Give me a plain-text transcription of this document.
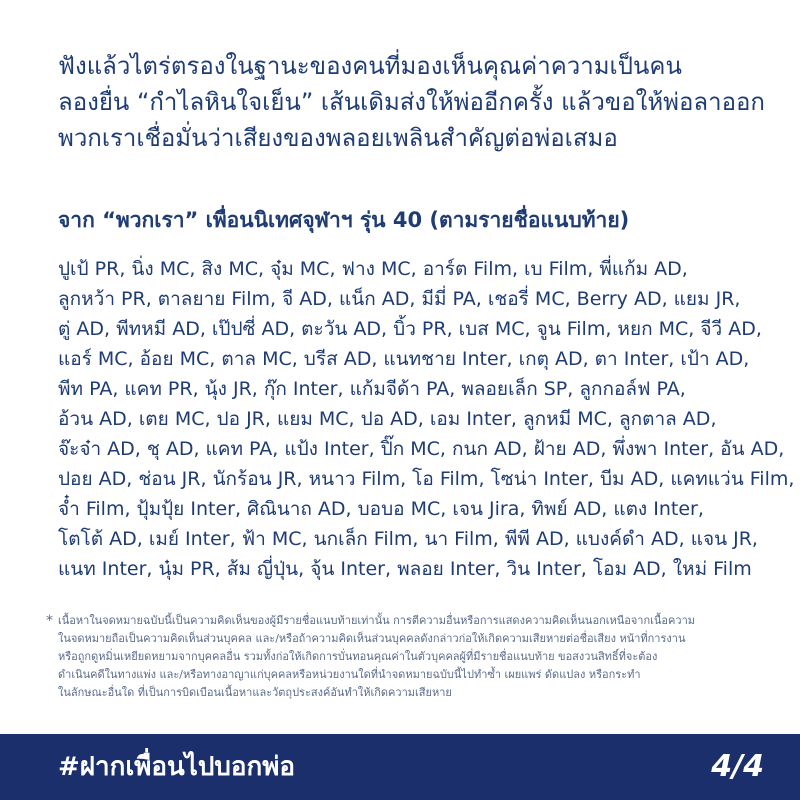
ฟังแล้วไตร่ตรองในฐานะของคนที่มองเห็นคุณค่าความเป็นคน

ลองยื่น “กำไลหินใจเย็น” เส้นเดิมส่งให้พ่ออีกครั้ง แล้วขอให้พ่อลาออก

พวกเราเชื่อมั่นว่าเสียงของพลอยเพลินสำคัญต่อพ่อเสมอ

จาก “พวกเรา” เพื่อนนิเทศจุฬาฯ รุ่น 40 (ตามรายชื่อแนบท้าย)

ปูเป้ PR, นิ่ง MC, สิง MC, จุ๋ม MC, ฟาง MC, อาร์ต Film, เบ Film, พี่แก้ม AD,

ลูกหว้า PR, ตาลยาย Film, จี AD, แน็ก AD, มีมี่ PA, เชอรี่ MC, Berry AD, แยม JR,

ตู่ AD, พีทหมี AD, เป๊ปซี่ AD, ตะวัน AD, บิ้ว PR, เบส MC, จูน Film, หยก MC, จีวี AD,

แอร์ MC, อ้อย MC, ตาล MC, บรีส AD, แนทชาย Inter, เกตุ AD, ตา Inter, เป้า AD,

พีท PA, แคท PR, นุ้ง JR, กุ๊ก Inter, แก้มจีด้า PA, พลอยเล็ก SP, ลูกกอล์ฟ PA,

อ้วน AD, เตย MC, ปอ JR, แยม MC, ปอ AD, เอม Inter, ลูกหมี MC, ลูกตาล AD,

จ๊ะจ๋า AD, ชุ AD, แคท PA, แป้ง Inter, ปิ๊ก MC, กนก AD, ฝ้าย AD, พึ่งพา Inter, อัน AD,

ปอย AD, ช่อน JR, นักร้อน JR, หนาว Film, โอ Film, โซน่า Inter, บีม AD, แคทแว่น Film,

จ๋ำ Film, ปุ้มปุ้ย Inter, ศิณินาถ AD, บอบอ MC, เจน Jira, ทิพย์ AD, แตง Inter,

โตโต้ AD, เมย์ Inter, ฟ้า MC, นกเล็ก Film, นา Film, พีพี AD, แบงค์ดำ AD, แจน JR,

แนท Inter, นุ๋ม PR, ส้ม ญี่ปุ่น, จุ้น Inter, พลอย Inter, วิน Inter, โอม AD, ใหม่ Film

* เนื้อหาในจดหมายฉบับนี้เป็นความคิดเห็นของผู้มีรายชื่อแนบท้ายเท่านั้น การตีความอื่นหรือการแสดงความคิดเห็นนอกเหนือจากเนื้อความ

ในจดหมายถือเป็นความคิดเห็นส่วนบุคคล และ/หรือถ้าความคิดเห็นส่วนบุคคลดังกล่าวก่อให้เกิดความเสียหายต่อชื่อเสียง หน้าที่การงาน

หรือถูกดูหมิ่นเหยียดหยามจากบุคคลอื่น รวมทั้งก่อให้เกิดการบั่นทอนคุณค่าในตัวบุคคลผู้ที่มีรายชื่อแนบท้าย ขอสงวนสิทธิ์ที่จะต้อง

ดำเนินคดีในทางแพ่ง และ/หรือทางอาญาแก่บุคคลหรือหน่วยงานใดที่นำจดหมายฉบับนี้ไปทำซ้ำ เผยแพร่ ดัดแปลง หรือกระทำ

ในลักษณะอื่นใด ที่เป็นการบิดเบือนเนื้อหาและวัตถุประสงค์อันทำให้เกิดความเสียหาย

#ฝากเพื่อนไปบอกพ่อ	4/4
